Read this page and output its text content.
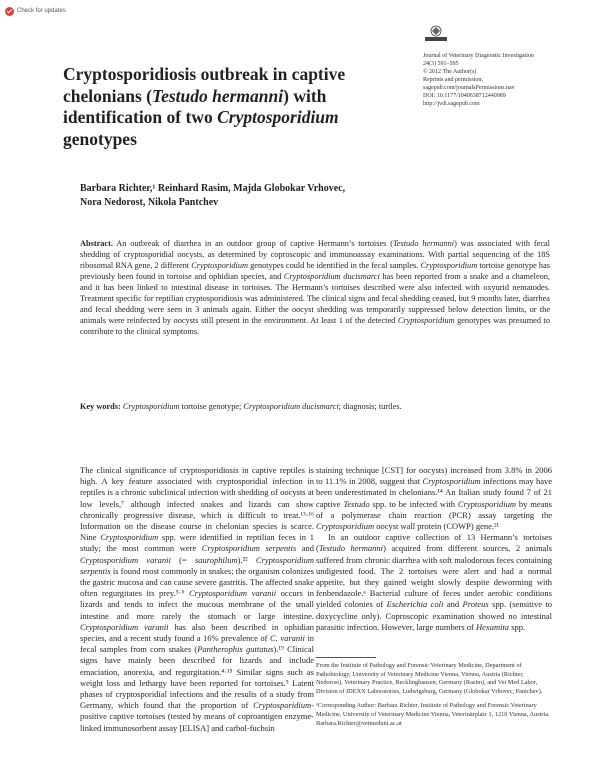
Check for updates
Journal of Veterinary Diagnostic Investigation
24(3) 591–595
© 2012 The Author(s)
Reprints and permission:
sagepub.com/journalsPermissions.nav
DOI: 10.1177/1040638712440989
http://jvdi.sagepub.com
Cryptosporidiosis outbreak in captive chelonians (Testudo hermanni) with identification of two Cryptosporidium genotypes
Barbara Richter,¹ Reinhard Rasim, Majda Globokar Vrhovec,
Nora Nedorost, Nikola Pantchev
Abstract. An outbreak of diarrhea in an outdoor group of captive Hermann’s tortoises (Testudo hermanni) was associated with fecal shedding of cryptosporidial oocysts, as determined by coproscopic and immunoassay examinations. With partial sequencing of the 18S ribosomal RNA gene, 2 different Cryptosporidium genotypes could be identified in the fecal samples. Cryptosporidium tortoise genotype has previously been found in tortoise and ophidian species, and Cryptosporidium ducismarci has been reported from a snake and a chameleon, and it has been linked to intestinal disease in tortoises. The Hermann’s tortoises described were also infected with oxyurid nematodes. Treatment specific for reptilian cryptosporidiosis was administered. The clinical signs and fecal shedding ceased, but 9 months later, diarrhea and fecal shedding were seen in 3 animals again. Either the oocyst shedding was temporarily suppressed below detection limits, or the animals were reinfected by oocysts still present in the environment. At least 1 of the detected Cryptosporidium genotypes was presumed to contribute to the clinical symptoms.
Key words: Cryptosporidium tortoise genotype; Cryptosporidium ducismarci; diagnosis; turtles.

The clinical significance of cryptosporidiosis in captive reptiles is high. A key feature associated with cryptosporidial infection in reptiles is a chronic subclinical infection with shedding of oocysts at low levels,⁷ although infected snakes and lizards can show chronically progressive disease, which is difficult to treat.¹³·¹⁶ Information on the disease course in chelonian species is scarce. Nine Cryptosporidium spp. were identified in reptilian feces in 1 study; the most common were Cryptosporidium serpentis and Cryptosporidium varanii (= saurophilum).²² Cryptosporidium serpentis is found most commonly in snakes; the organism colonizes the gastric mucosa and can cause severe gastritis. The affected snake often regurgitates its prey.⁵·⁶ Cryptosporidium varanii occurs in lizards and tends to infect the mucous membrane of the small intestine and more rarely the stomach or large intestine. Cryptosporidium varanii has also been described in ophidian species, and a recent study found a 16% prevalence of C. varanii in fecal samples from corn snakes (Pantherophis guttatus).¹⁹ Clinical signs have mainly been described for lizards and include emaciation, anorexia, and regurgitation.⁴·¹⁵ Similar signs such as weight loss and lethargy have been reported for tortoises.⁵ Latent phases of cryptosporidial infections and the results of a study from Germany, which found that the proportion of Cryptosporidium-positive captive tortoises (tested by means of coproantigen enzyme-linked immunosorbent assay [ELISA] and carbol-fuchsin

staining technique [CST] for oocysts) increased from 3.8% in 2006 to 11.1% in 2008, suggest that Cryptosporidium infections may have been underestimated in chelonians.¹⁴ An Italian study found 7 of 21 captive Testudo spp. to be infected with Cryptosporidium by means of a polymerase chain reaction (PCR) assay targeting the Cryptosporidium oocyst wall protein (COWP) gene.²¹

In an outdoor captive collection of 13 Hermann’s tortoises (Testudo hermanni) acquired from different sources, 2 animals suffered from chronic diarrhea with soft malodorous feces containing undigested food. The 2 tortoises were alert and had a normal appetite, but they gained weight slowly despite deworming with fenbendazole.ᵃ Bacterial culture of feces under aerobic conditions yielded colonies of Escherichia coli and Proteus spp. (sensitive to doxycycline only). Coproscopic examination showed no intestinal parasitic infection. However, large numbers of Hexamita spp.

From the Institute of Pathology and Forensic Veterinary Medicine, Department of Pathobiology, University of Veterinary Medicine Vienna, Vienna, Austria (Richter, Nedorost), Veterinary Practice, Recklinghausen, Germany (Rasim), and Vet Med Labor, Division of IDEXX Laboratories, Ludwigsburg, Germany (Globokar Vrhovec, Pantchev).

¹Corresponding Author: Barbara Richter, Institute of Pathology and Forensic Veterinary Medicine, University of Veterinary Medicine Vienna, Veterinärplatz 1, 1210 Vienna, Austria. Barbara.Richter@vetmeduni.ac.at
